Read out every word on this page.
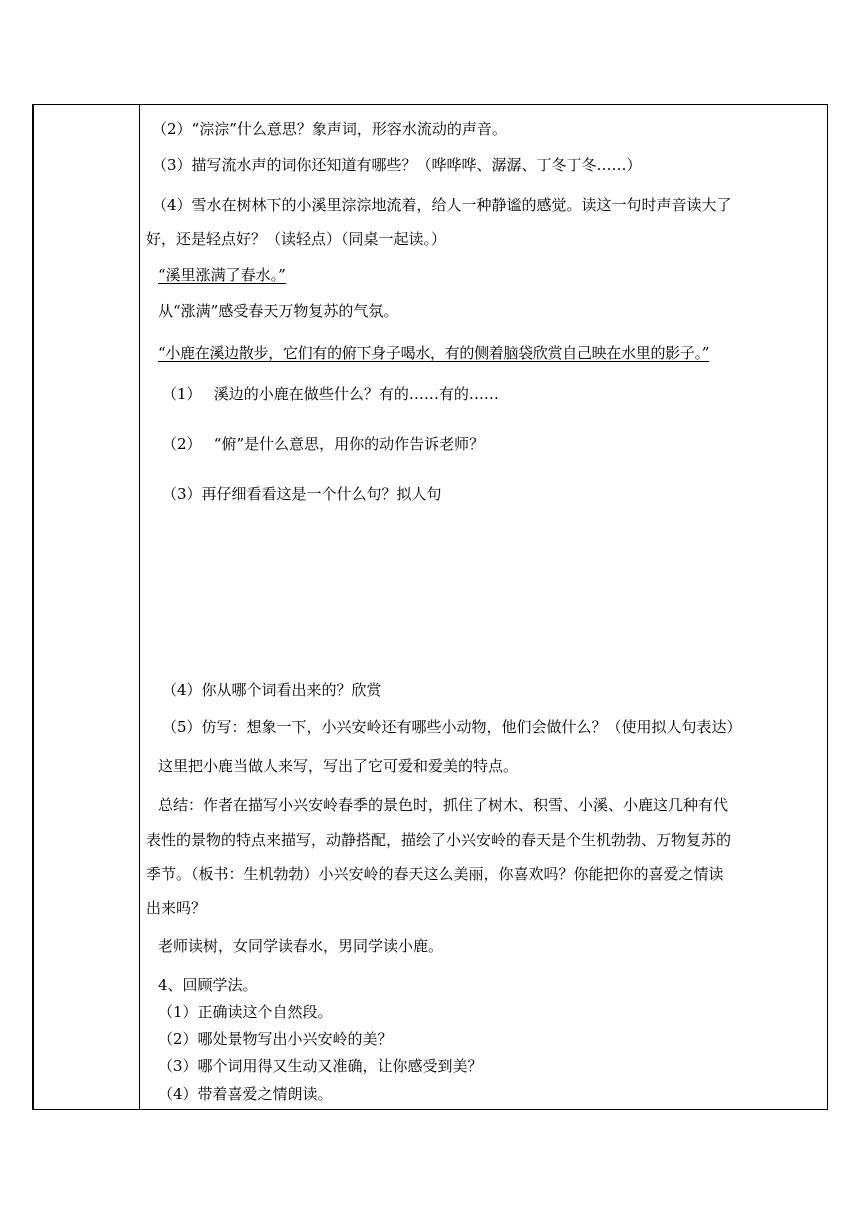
（2）“淙淙”什么意思？象声词，形容水流动的声音。
（3）描写流水声的词你还知道有哪些？（哗哗哗、潺潺、丁冬丁冬……）
（4）雪水在树林下的小溪里淙淙地流着，给人一种静谧的感觉。读这一句时声音读大了
好，还是轻点好？（读轻点）（同桌一起读。）
“溪里涨满了春水。”
从“涨满”感受春天万物复苏的气氛。
“小鹿在溪边散步，它们有的俯下身子喝水，有的侧着脑袋欣赏自己映在水里的影子。”
（1）　 溪边的小鹿在做些什么？有的……有的……
（2）　 “俯”是什么意思，用你的动作告诉老师？
（3）再仔细看看这是一个什么句？拟人句
（4）你从哪个词看出来的？欣赏
（5）仿写：想象一下，小兴安岭还有哪些小动物，他们会做什么？（使用拟人句表达）
这里把小鹿当做人来写，写出了它可爱和爱美的特点。
总结：作者在描写小兴安岭春季的景色时，抓住了树木、积雪、小溪、小鹿这几种有代
表性的景物的特点来描写，动静搭配，描绘了小兴安岭的春天是个生机勃勃、万物复苏的
季节。（板书：生机勃勃）小兴安岭的春天这么美丽，你喜欢吗？你能把你的喜爱之情读
出来吗？
老师读树，女同学读春水，男同学读小鹿。
4、回顾学法。
（1）正确读这个自然段。
（2）哪处景物写出小兴安岭的美？
（3）哪个词用得又生动又准确，让你感受到美？
（4）带着喜爱之情朗读。
